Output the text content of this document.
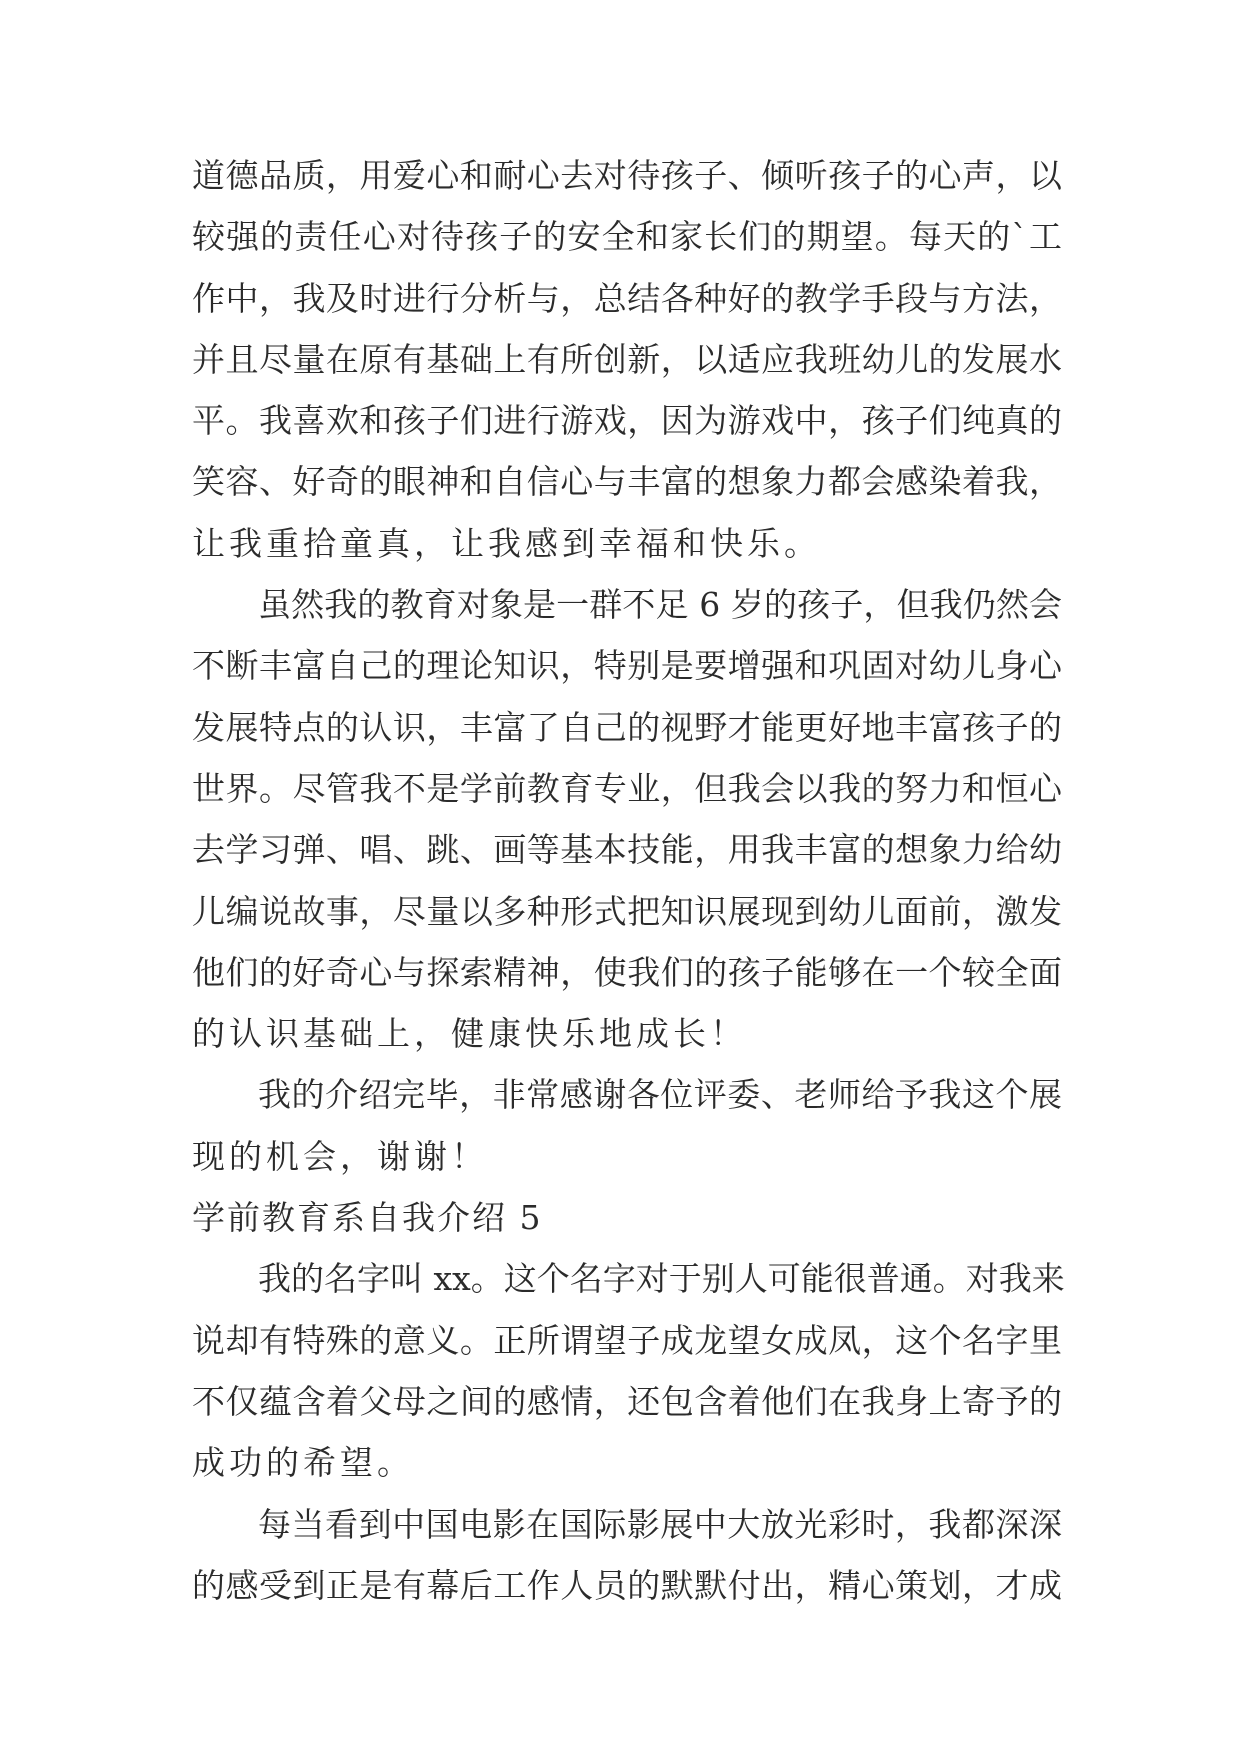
道德品质，用爱心和耐心去对待孩子、倾听孩子的心声，以
较强的责任心对待孩子的安全和家长们的期望。每天的`工
作中，我及时进行分析与，总结各种好的教学手段与方法，
并且尽量在原有基础上有所创新，以适应我班幼儿的发展水
平。我喜欢和孩子们进行游戏，因为游戏中，孩子们纯真的
笑容、好奇的眼神和自信心与丰富的想象力都会感染着我，
让我重拾童真，让我感到幸福和快乐。
虽然我的教育对象是一群不足 6 岁的孩子，但我仍然会
不断丰富自己的理论知识，特别是要增强和巩固对幼儿身心
发展特点的认识，丰富了自己的视野才能更好地丰富孩子的
世界。尽管我不是学前教育专业，但我会以我的努力和恒心
去学习弹、唱、跳、画等基本技能，用我丰富的想象力给幼
儿编说故事，尽量以多种形式把知识展现到幼儿面前，激发
他们的好奇心与探索精神，使我们的孩子能够在一个较全面
的认识基础上，健康快乐地成长！
我的介绍完毕，非常感谢各位评委、老师给予我这个展
现的机会，谢谢！
学前教育系自我介绍 5
我的名字叫 xx。这个名字对于别人可能很普通。对我来
说却有特殊的意义。正所谓望子成龙望女成凤，这个名字里
不仅蕴含着父母之间的感情，还包含着他们在我身上寄予的
成功的希望。
每当看到中国电影在国际影展中大放光彩时，我都深深
的感受到正是有幕后工作人员的默默付出，精心策划，才成
